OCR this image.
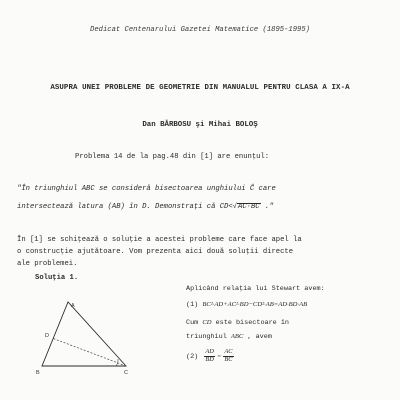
Dedicat Centenarului Gazetei Matematice (1895-1995)
ASUPRA UNEI PROBLEME DE GEOMETRIE DIN MANUALUL PENTRU CLASA A IX-A
Dan BĂRBOSU şi Mihai BOLOŞ
Problema 14 de la pag.48 din [1] are enunţul:
"În triunghiul ABC se consideră bisectoarea unghiului Ĉ care
intersectează latura (AB) în D. Demonstraţi că CD<√AC·BC ."
În [1] se schiţează o soluţie a acestei probleme care face apel la
o construcţie ajutătoare. Vom prezenta aici două soluţii directe
ale problemei.
Soluţia 1.
Aplicând relaţia lui Stewart avem:
(1) BC²·AD+AC²·BD−CD²·AB=AD·BD·AB
Cum CD este bisectoare în
triunghiul ABC , avem
$(2) \frac{AD}{BD} = \frac{AC}{BC}$
A
D
B	C
